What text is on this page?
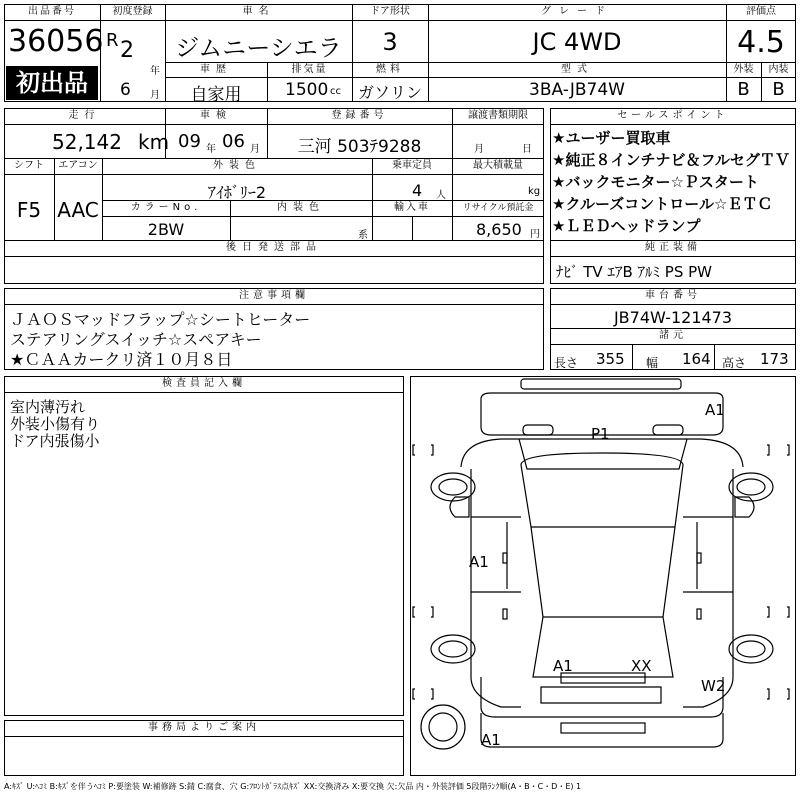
出品番号
36056
初出品
初度登録
R 2
年
6 月
車名
ジムニーシエラ
ドア形状
3
グレード
JC 4WD
評価点
4.5
外装	内装
B	B
車歴
自家用
排気量
1500 cc
燃料
ガソリン
型式
3BA-JB74W
走行
52,142 km
車検
09 年 06 月
登録番号
三河 503ﾃ9288
譲渡書類期限
月	日
シフト
F5
エアコン
AAC
外装色
ｱｲﾎﾞﾘｰ2
乗車定員
4 人
最大積載量
kg
カラーNo.
2BW
内装色
系
輸入車	リサイクル預託金
8,650 円
後日発送部品
セールスポイント
★ユーザー買取車
★純正８インチナビ＆フルセグＴＶ
★バックモニター☆Ｐスタート
★クルーズコントロール☆ＥＴＣ
★ＬＥＤヘッドランプ
純正装備
ﾅﾋﾞ TV ｴｱB ｱﾙﾐ PS PW
注意事項欄
ＪＡＯＳマッドフラップ☆シートヒーター
ステアリングスイッチ☆スペアキー
★ＣＡＡカークリ済１０月８日
車台番号
JB74W-121473
諸元
長さ 355 幅 164 高さ 173
検査員記入欄
室内薄汚れ
外装小傷有り
ドア内張傷小
事務局よりご案内
A1
P1
A1
A1	XX
W2
A1
A:ｷｽﾞ U:ﾍｺﾐ B:ｷｽﾞを伴うﾍｺﾐ P:要塗装 W:補修跡 S:錆 C:腐食、穴 G:ﾌﾛﾝﾄｶﾞﾗｽ点ｷｽﾞ XX:交換済み X:要交換 欠:欠品 内・外装評価 5段階ﾗﾝｸ順(A・B・C・D・E) 1
